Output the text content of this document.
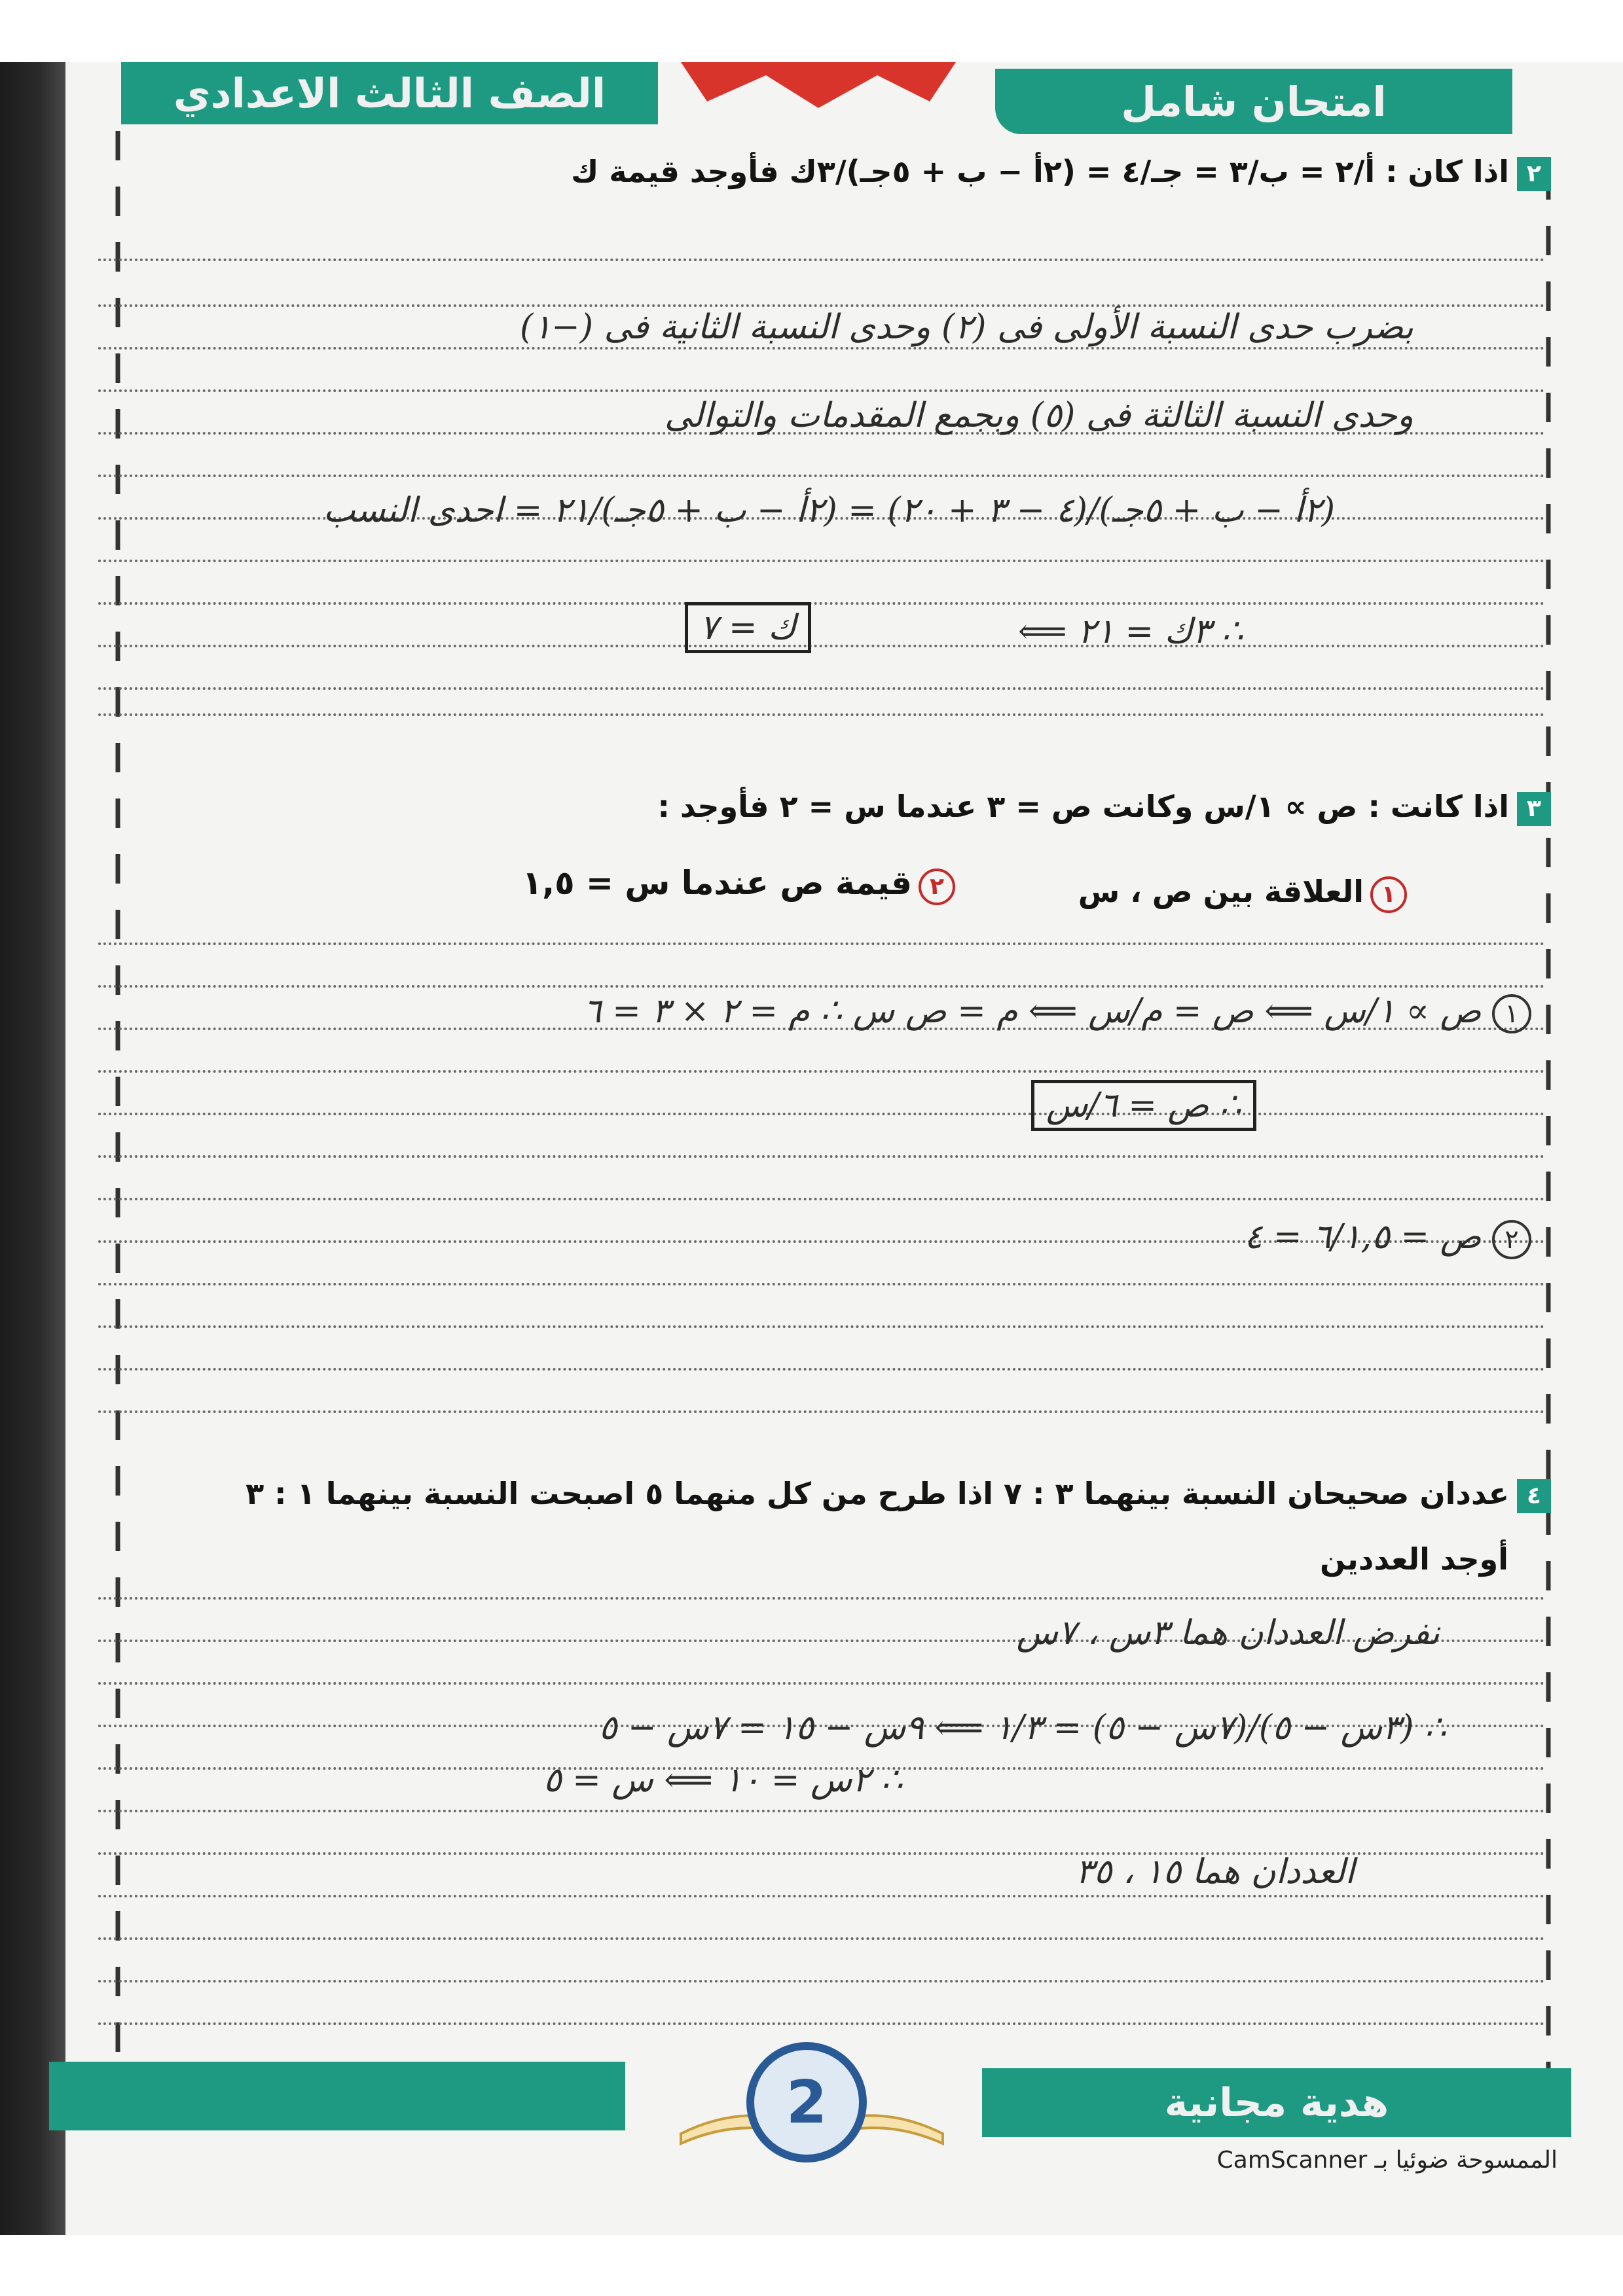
الصف الثالث الاعدادي	امتحان شامل
٢اذا كان : أ/٢ = ب/٣ = جـ/٤ = (٢أ − ب + ٥جـ)/٣ك فأوجد قيمة ك
بضرب حدى النسبة الأولى فى (٢) وحدى النسبة الثانية فى (−١)
وحدى النسبة الثالثة فى (٥) وبجمع المقدمات والتوالى
(٢أ − ب + ٥جـ)/(٤ − ٣ + ٢٠) = (٢أ − ب + ٥جـ)/٢١ = احدى النسب
∴ ٣ك = ٢١ ⟸
ك = ٧
٣اذا كانت : ص ∝ ١/س وكانت ص = ٣ عندما س = ٢ فأوجد :
١العلاقة بين ص ، س
٢قيمة ص عندما س = ١,٥
١ ص ∝ ١/س ⟸ ص = م/س ⟸ م = ص س ∴ م = ٢ × ٣ = ٦
∴ ص = ٦/س
٢ ص = ٦/١,٥ = ٤
٤عددان صحيحان النسبة بينهما ٣ : ٧ اذا طرح من كل منهما ٥ اصبحت النسبة بينهما ١ : ٣
أوجد العددين
نفرض العددان هما ٣س ، ٧س
∴ (٣س − ٥)/(٧س − ٥) = ١/٣ ⟸ ٩س − ١٥ = ٧س − ٥
∴ ٢س = ١٠ ⟸ س = ٥
العددان هما ١٥ ، ٣٥
هدية مجانية
2
الممسوحة ضوئيا بـ CamScanner
